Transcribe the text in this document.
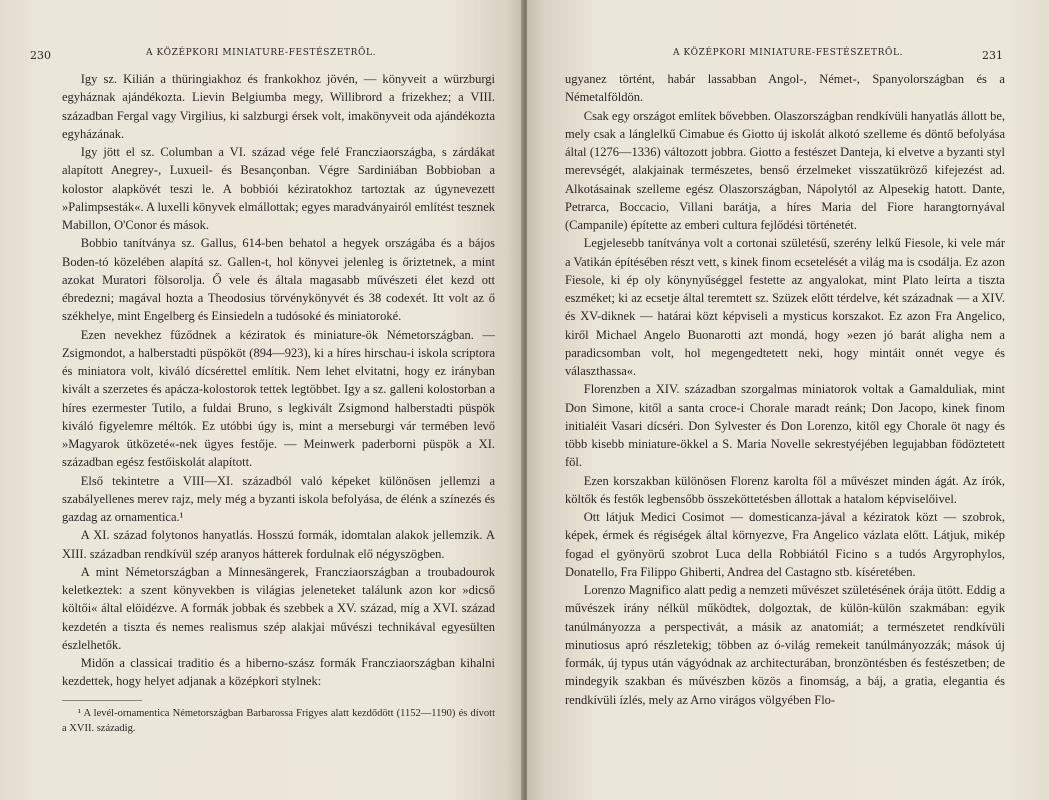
230	A KÖZÉPKORI MINIATURE-FESTÉSZETRŐL.

Igy sz. Kilián a thüringiakhoz és frankokhoz jövén, — könyveit a würzburgi egyháznak ajándékozta. Lievin Belgiumba megy, Willibrord a frizekhez; a VIII. században Fergal vagy Virgilius, ki salzburgi érsek volt, imakönyveit oda ajándékozta egyházának.

Igy jött el sz. Columban a VI. század vége felé Francziaországba, s zárdákat alapított Anegrey-, Luxueil- és Besançonban. Végre Sardiniában Bobbioban a kolostor alapkövét teszi le. A bobbiói kéziratokhoz tartoztak az úgynevezett »Palimpsesták«. A luxelli könyvek elmállottak; egyes maradványairól említést tesznek Mabillon, O'Conor és mások.

Bobbio tanítványa sz. Gallus, 614-ben behatol a hegyek országába és a bájos Boden-tó közelében alapítá sz. Gallen-t, hol könyvei jelenleg is őriztetnek, a mint azokat Muratori fölsorolja. Ő vele és általa magasabb művészeti élet kezd ott ébredezni; magával hozta a Theodosius törvénykönyvét és 38 codexét. Itt volt az ő székhelye, mint Engelberg és Einsiedeln a tudósoké és miniatoroké.

Ezen nevekhez fűződnek a kéziratok és miniature-ök Németországban. — Zsigmondot, a halberstadti püspököt (894—923), ki a híres hirschau-i iskola scriptora és miniatora volt, kiváló dícsérettel említik. Nem lehet elvitatni, hogy ez irányban kivált a szerzetes és apácza-kolostorok tettek legtöbbet. Igy a sz. galleni kolostorban a híres ezermester Tutilo, a fuldai Bruno, s legkivált Zsigmond halberstadti püspök kiváló figyelemre méltók. Ez utóbbi úgy is, mint a merseburgi vár termében levő »Magyarok ütközeté«-nek ügyes festője. — Meinwerk paderborni püspök a XI. században egész festőiskolát alapított.

Első tekintetre a VIII—XI. századból való képeket különösen jellemzi a szabályellenes merev rajz, mely még a byzanti iskola befolyása, de élénk a színezés és gazdag az ornamentica.¹

A XI. század folytonos hanyatlás. Hosszú formák, idomtalan alakok jellemzik. A XIII. században rendkívül szép aranyos hátterek fordulnak elő négyszögben.

A mint Németországban a Minnesängerek, Francziaországban a troubadourok keletkeztek: a szent könyvekben is világias jeleneteket találunk azon kor »dicső költői« által elöidézve. A formák jobbak és szebbek a XV. század, míg a XVI. század kezdetén a tiszta és nemes realismus szép alakjai művészi technikával egyesülten észlelhetők.

Midőn a classicai traditio és a hiberno-szász formák Francziaországban kihalni kezdettek, hogy helyet adjanak a középkori stylnek:

¹ A levél-ornamentica Németországban Barbarossa Frigyes alatt kezdődött (1152—1190) és dívott a XVII. századig.

A KÖZÉPKORI MINIATURE-FESTÉSZETRŐL.	231

ugyanez történt, habár lassabban Angol-, Német-, Spanyolországban és a Németalföldön.

Csak egy országot említek bővebben. Olaszországban rendkívüli hanyatlás állott be, mely csak a lánglelkű Cimabue és Giotto új iskolát alkotó szelleme és döntő befolyása által (1276—1336) változott jobbra. Giotto a festészet Danteja, ki elvetve a byzanti styl merevségét, alakjainak természetes, benső érzelmeket visszatükröző kifejezést ad. Alkotásainak szelleme egész Olaszországban, Nápolytól az Alpesekig hatott. Dante, Petrarca, Boccacio, Villani barátja, a híres Maria del Fiore harangtornyával (Campanile) építette az emberi cultura fejlődési történetét.

Legjelesebb tanítványa volt a cortonai születésű, szerény lelkű Fiesole, ki vele már a Vatikán építésében részt vett, s kinek finom ecsetelését a világ ma is csodálja. Ez azon Fiesole, ki ép oly könynyűséggel festette az angyalokat, mint Plato leírta a tiszta eszméket; ki az ecsetje által teremtett sz. Szüzek előtt térdelve, két századnak — a XIV. és XV-diknek — határai közt képviseli a mysticus korszakot. Ez azon Fra Angelico, kiről Michael Angelo Buonarotti azt mondá, hogy »ezen jó barát aligha nem a paradicsomban volt, hol megengedtetett neki, hogy mintáit onnét vegye és választhassa«.

Florenzben a XIV. században szorgalmas miniatorok voltak a Gamalduliak, mint Don Simone, kitől a santa croce-i Chorale maradt reánk; Don Jacopo, kinek finom initialéit Vasari dícséri. Don Sylvester és Don Lorenzo, kitől egy Chorale öt nagy és több kisebb miniature-ökkel a S. Maria Novelle sekrestyéjében legujabban födöztetett föl.

Ezen korszakban különösen Florenz karolta föl a művészet minden ágát. Az írók, költők és festők legbensőbb összeköttetésben állottak a hatalom képviselőivel.

Ott látjuk Medici Cosimot — domesticanza-jával a kéziratok közt — szobrok, képek, érmek és régiségek által környezve, Fra Angelico vázlata előtt. Látjuk, mikép fogad el gyönyörű szobrot Luca della Robbiától Ficino s a tudós Argyrophylos, Donatello, Fra Filippo Ghiberti, Andrea del Castagno stb. kíséretében.

Lorenzo Magnifico alatt pedig a nemzeti művészet születésének órája ütött. Eddig a művészek irány nélkül működtek, dolgoztak, de külön-külön szakmában: egyik tanúlmányozza a perspectivát, a másik az anatomiát; a természetet rendkívüli minutiosus apró részletekig; többen az ó-világ remekeit tanúlmányozzák; mások új formák, új typus után vágyódnak az architecturában, bronzöntésben és festészetben; de mindegyik szakban és művészben közös a finomság, a báj, a gratia, elegantia és rendkívüli ízlés, mely az Arno virágos völgyében Flo-
